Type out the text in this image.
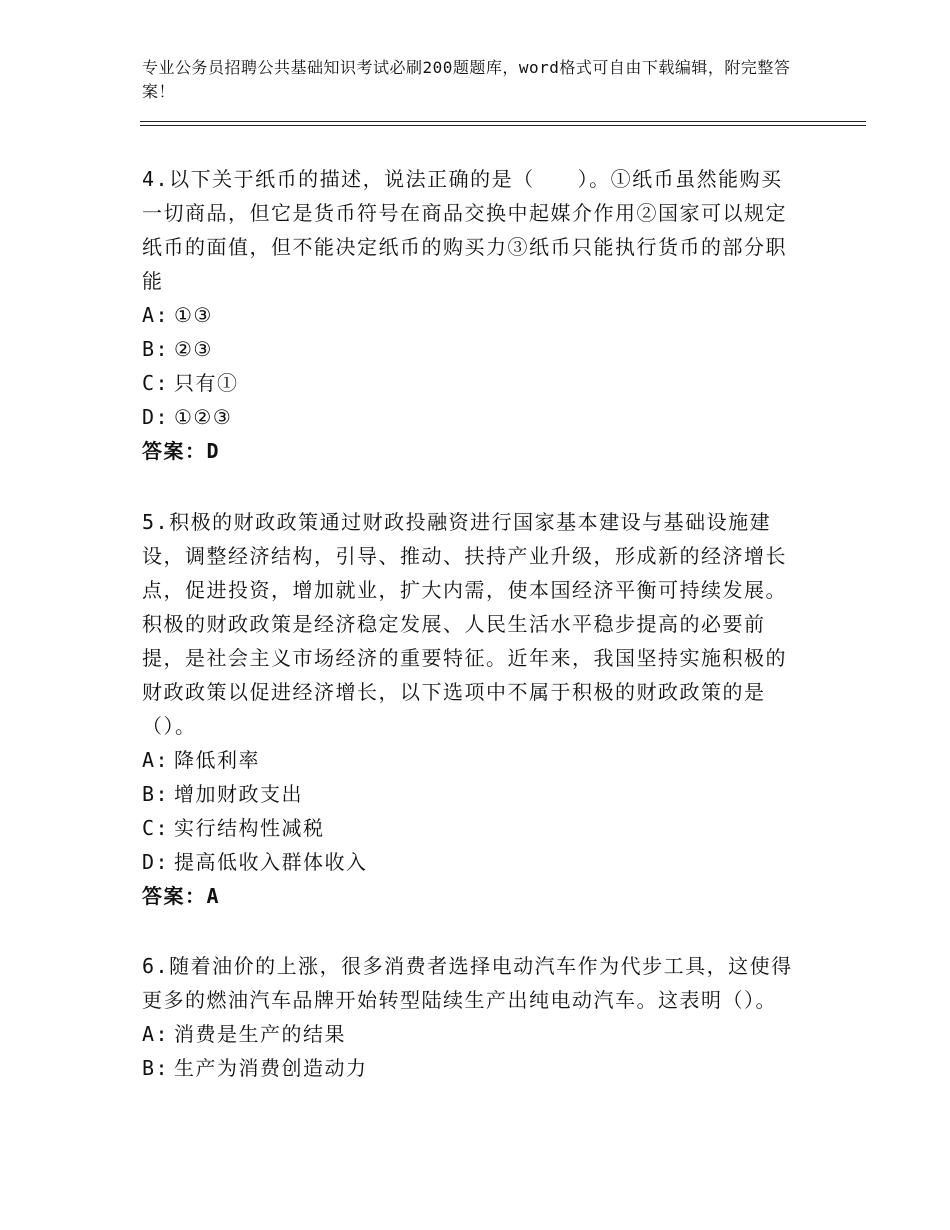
专业公务员招聘公共基础知识考试必刷200题题库，word格式可自由下载编辑，附完整答案！

4.以下关于纸币的描述，说法正确的是（　　）。①纸币虽然能购买一切商品，但它是货币符号在商品交换中起媒介作用②国家可以规定纸币的面值，但不能决定纸币的购买力③纸币只能执行货币的部分职能

A: ①③
B: ②③
C: 只有①
D: ①②③
答案：D

5.积极的财政政策通过财政投融资进行国家基本建设与基础设施建设，调整经济结构，引导、推动、扶持产业升级，形成新的经济增长点，促进投资，增加就业，扩大内需，使本国经济平衡可持续发展。积极的财政政策是经济稳定发展、人民生活水平稳步提高的必要前提，是社会主义市场经济的重要特征。近年来，我国坚持实施积极的财政政策以促进经济增长，以下选项中不属于积极的财政政策的是（）。

A: 降低利率
B: 增加财政支出
C: 实行结构性减税
D: 提高低收入群体收入
答案：A

6.随着油价的上涨，很多消费者选择电动汽车作为代步工具，这使得更多的燃油汽车品牌开始转型陆续生产出纯电动汽车。这表明（）。

A: 消费是生产的结果
B: 生产为消费创造动力
